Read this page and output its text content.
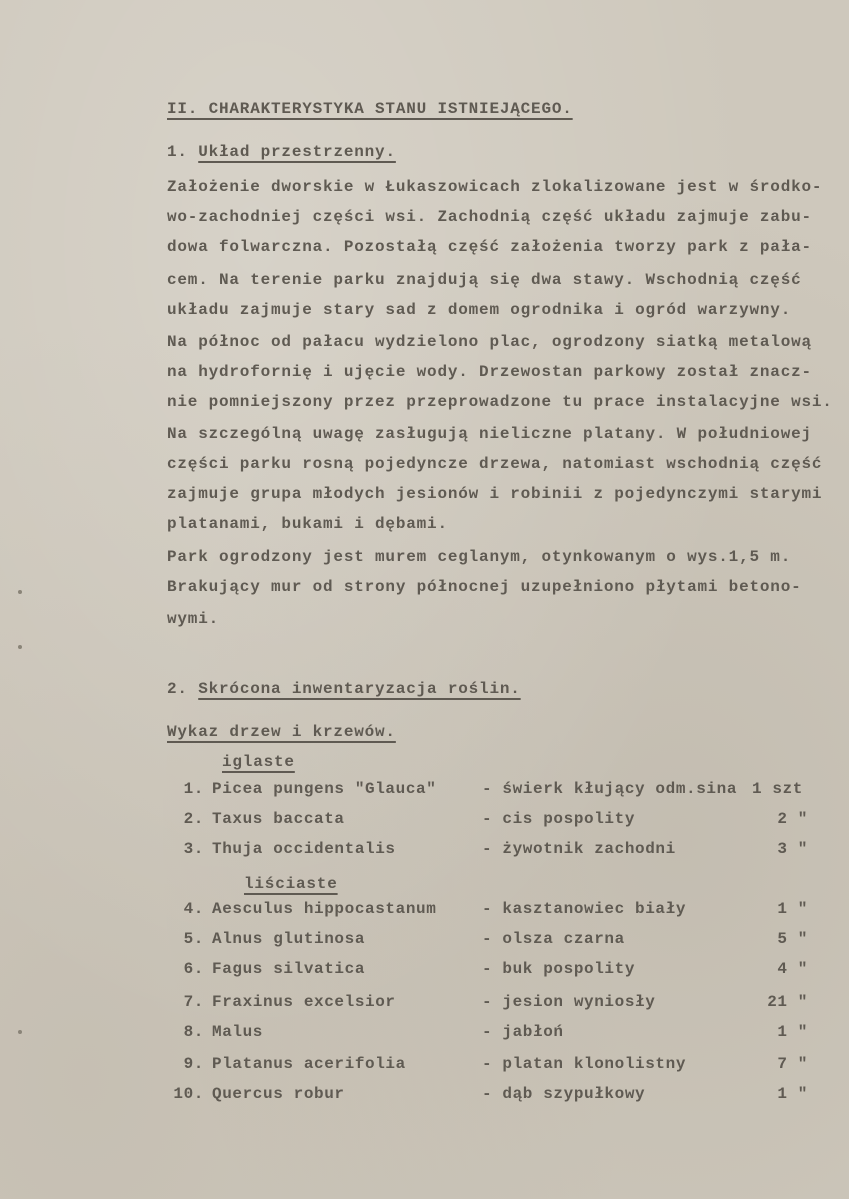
II. CHARAKTERYSTYKA STANU ISTNIEJĄCEGO.
1. Układ przestrzenny.
Założenie dworskie w Łukaszowicach zlokalizowane jest w środko-
wo-zachodniej części wsi. Zachodnią część układu zajmuje zabu-
dowa folwarczna. Pozostałą część założenia tworzy park z pała-
cem. Na terenie parku znajdują się dwa stawy. Wschodnią część
układu zajmuje stary sad z domem ogrodnika i ogród warzywny.
Na północ od pałacu wydzielono plac, ogrodzony siatką metalową
na hydrofornię i ujęcie wody. Drzewostan parkowy został znacz-
nie pomniejszony przez przeprowadzone tu prace instalacyjne wsi.
Na szczególną uwagę zasługują nieliczne platany. W południowej
części parku rosną pojedyncze drzewa, natomiast wschodnią część
zajmuje grupa młodych jesionów i robinii z pojedynczymi starymi
platanami, bukami i dębami.
Park ogrodzony jest murem ceglanym, otynkowanym o wys.1,5 m.
Brakujący mur od strony północnej uzupełniono płytami betono-
wymi.
2. Skrócona inwentaryzacja roślin.
Wykaz drzew i krzewów.
iglaste
1. Picea pungens "Glauca"	- świerk kłujący odm.sina 1 szt
2. Taxus baccata	- cis pospolity	2 "
3. Thuja occidentalis	- żywotnik zachodni	3 "
liściaste
4. Aesculus hippocastanum	- kasztanowiec biały	1 "
5. Alnus glutinosa	- olsza czarna	5 "
6. Fagus silvatica	- buk pospolity	4 "
7. Fraxinus excelsior	- jesion wyniosły	21 "
8. Malus	- jabłoń	1 "
9. Platanus acerifolia	- platan klonolistny	7 "
10. Quercus robur	- dąb szypułkowy	1 "
